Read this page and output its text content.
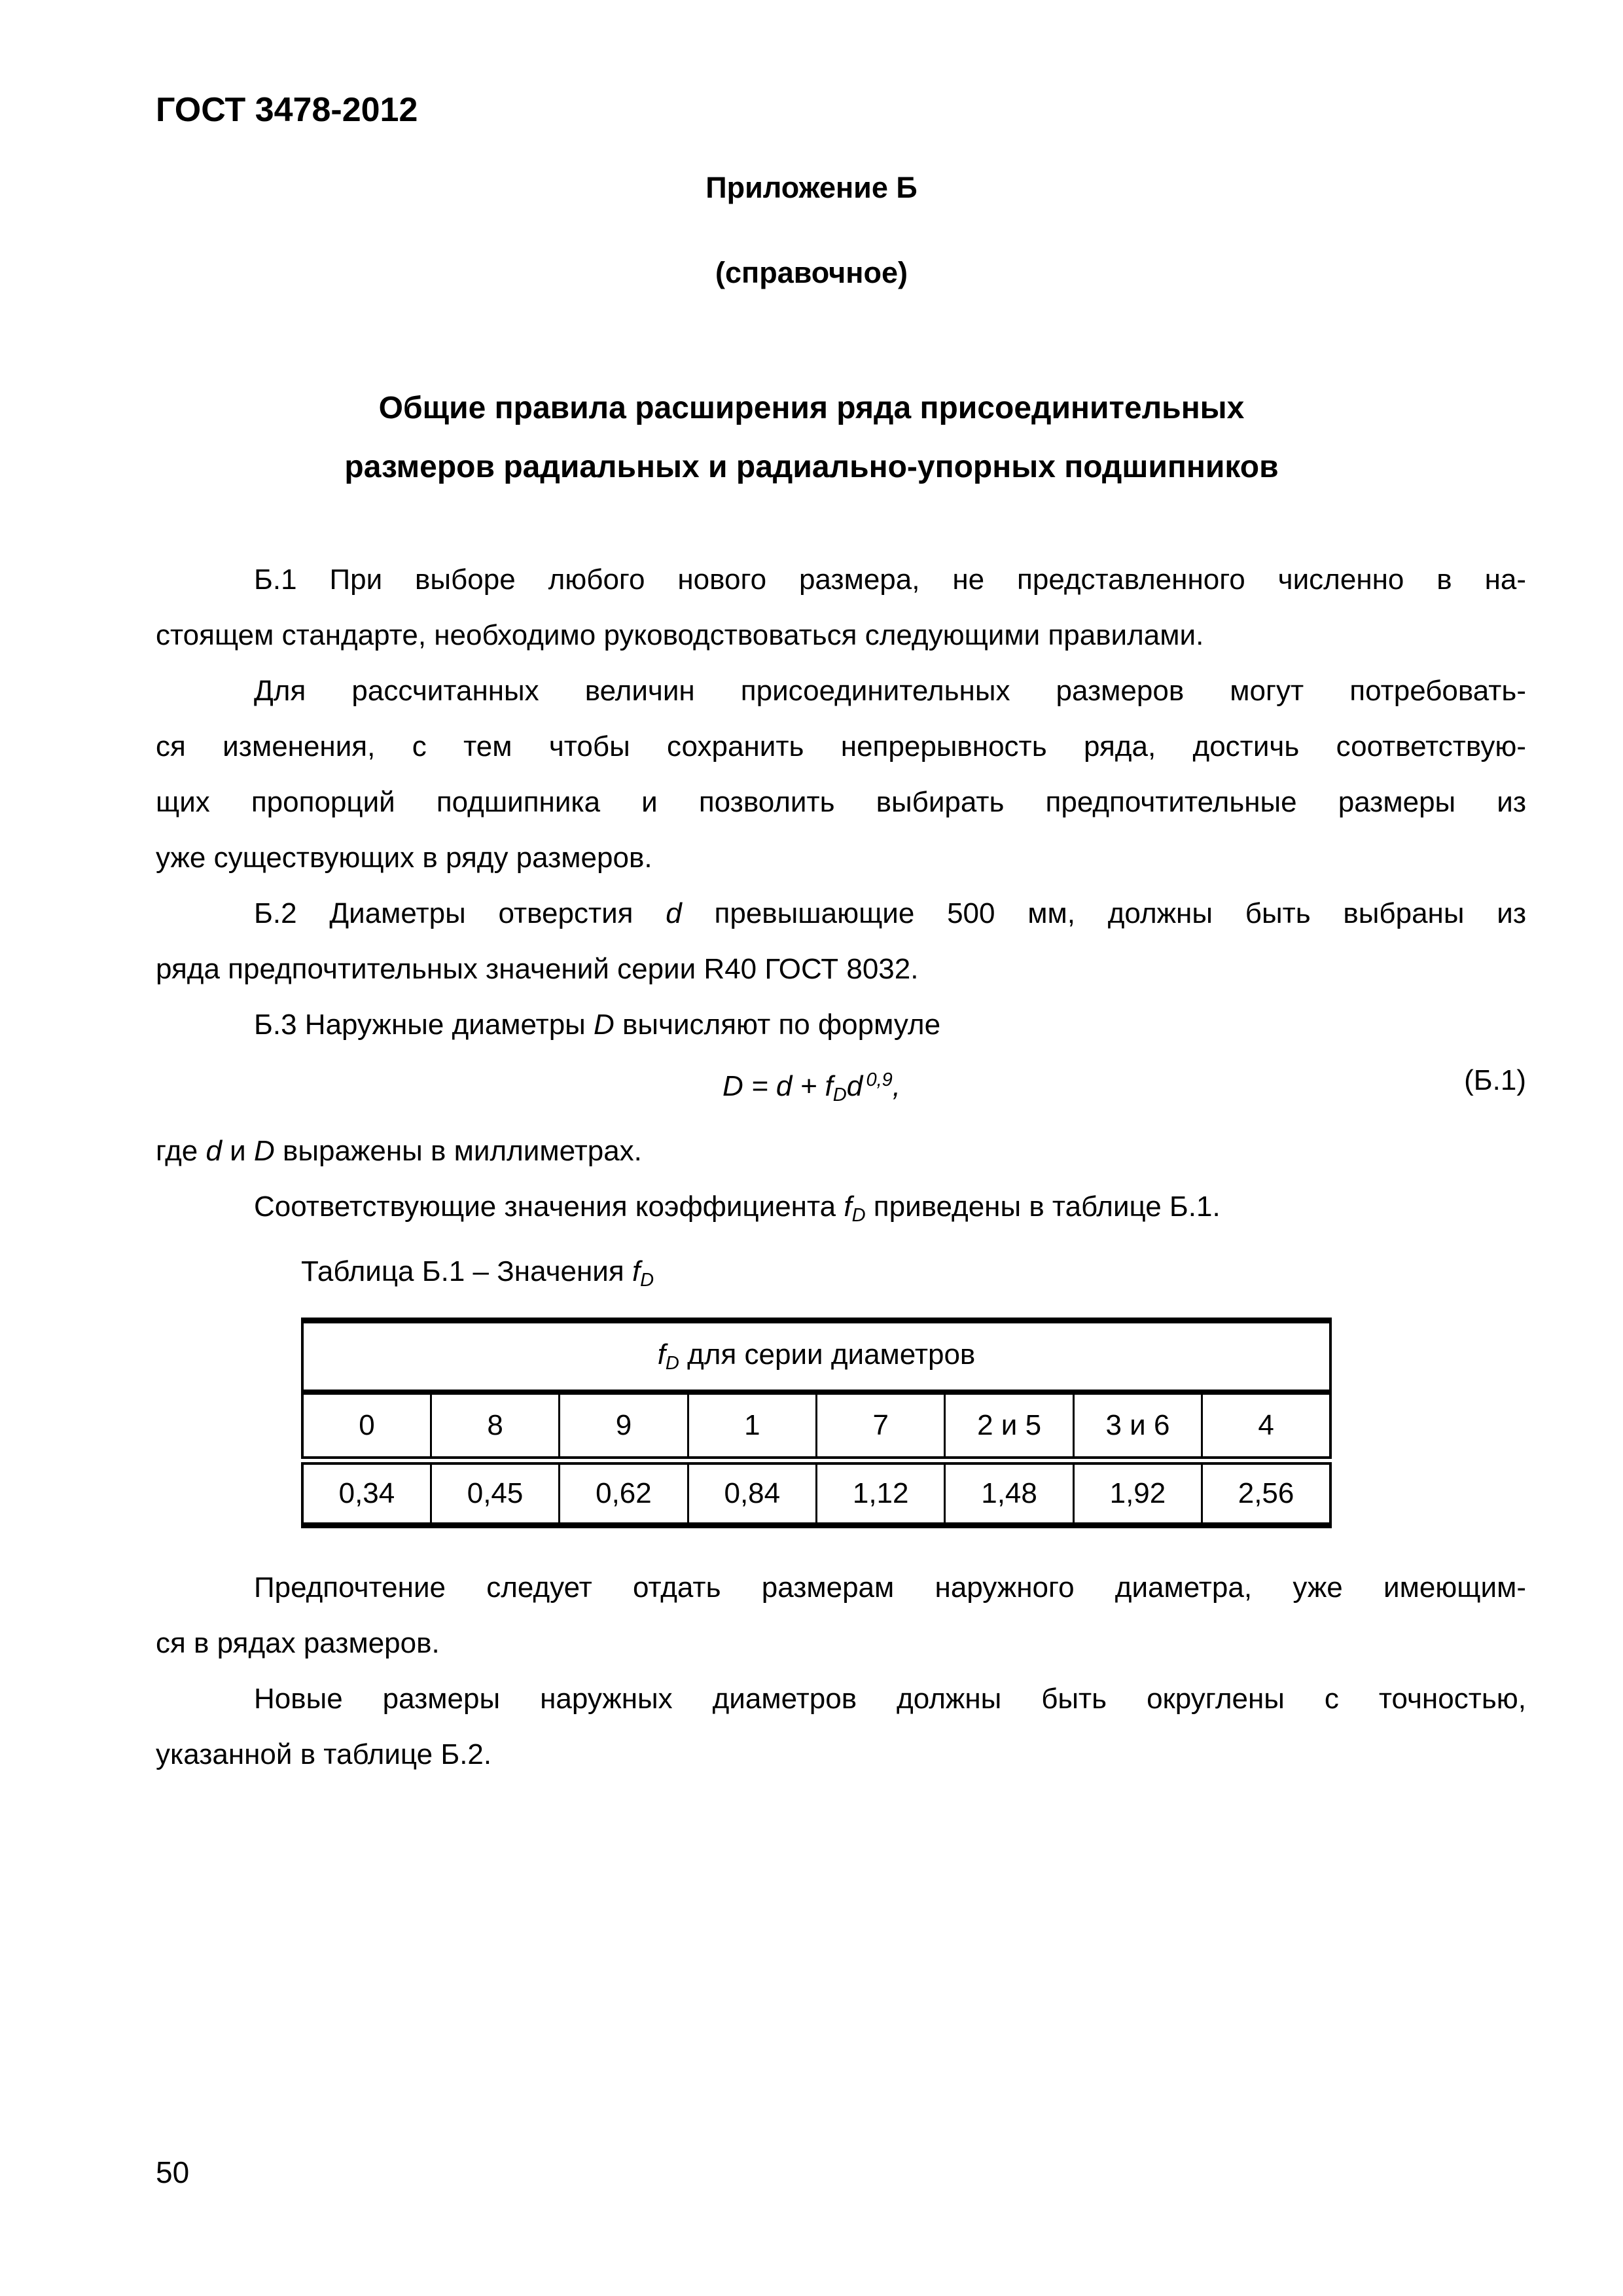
ГОСТ 3478-2012
Приложение Б
(справочное)
Общие правила расширения ряда присоединительных
размеров радиальных и радиально-упорных подшипников
Б.1 При выборе любого нового размера, не представленного численно в на-
стоящем стандарте, необходимо руководствоваться следующими правилами.
Для рассчитанных величин присоединительных размеров могут потребовать-
ся изменения, с тем чтобы сохранить непрерывность ряда, достичь соответствую-
щих пропорций подшипника и позволить выбирать предпочтительные размеры из
уже существующих в ряду размеров.
Б.2 Диаметры отверстия d превышающие 500 мм, должны быть выбраны из
ряда предпочтительных значений серии R40 ГОСТ 8032.
Б.3 Наружные диаметры D вычисляют по формуле
$D = d + f_Dd$ $^{0,9}$,	(Б.1)
где d и D выражены в миллиметрах.
Соответствующие значения коэффициента $f_D$ приведены в таблице Б.1.
Таблица Б.1 – Значения $f_D$
$f_D$ для серии диаметров							
0	8	9	1	7	2 и 5	3 и 6	4
0,34	0,45	0,62	0,84	1,12	1,48	1,92	2,56
Предпочтение следует отдать размерам наружного диаметра, уже имеющим-
ся в рядах размеров.
Новые размеры наружных диаметров должны быть округлены с точностью,
указанной в таблице Б.2.
50
